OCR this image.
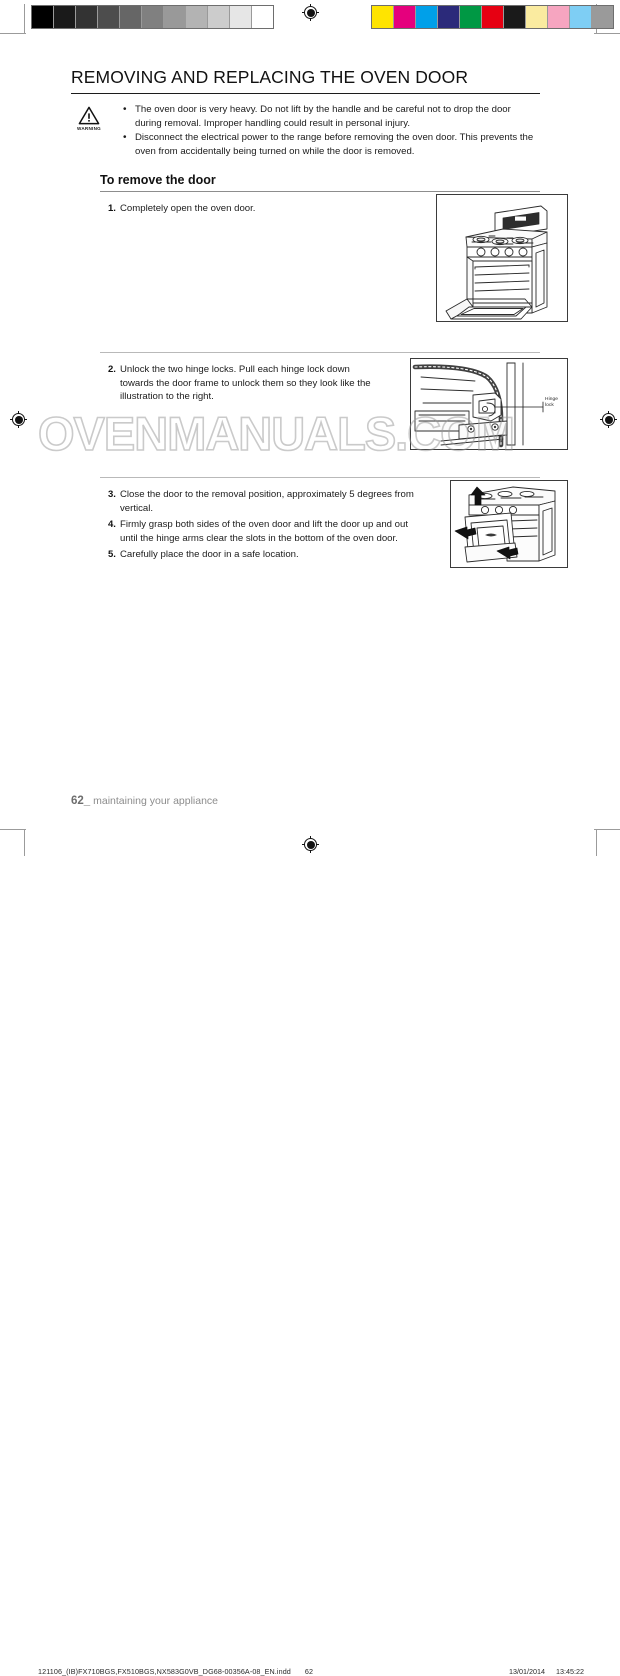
REMOVING AND REPLACING THE OVEN DOOR
WARNING
• The oven door is very heavy. Do not lift by the handle and be careful not to drop the door during removal. Improper handling could result in personal injury.
• Disconnect the electrical power to the range before removing the oven door. This prevents the oven from accidentally being turned on while the door is removed.
To remove the door
1. Completely open the oven door.
2. Unlock the two hinge locks. Pull each hinge lock down towards the door frame to unlock them so they look like the illustration to the right.	Hinge lock
3. Close the door to the removal position, approximately 5 degrees from vertical.
4. Firmly grasp both sides of the oven door and lift the door up and out until the hinge arms clear the slots in the bottom of the oven door.
5. Carefully place the door in a safe location.
OVENMANUALS.COM
62_ maintaining your appliance
121106_(IB)FX710BGS,FX510BGS,NX583G0VB_DG68-00356A-08_EN.indd 62	13/01/2014 13:45:22
